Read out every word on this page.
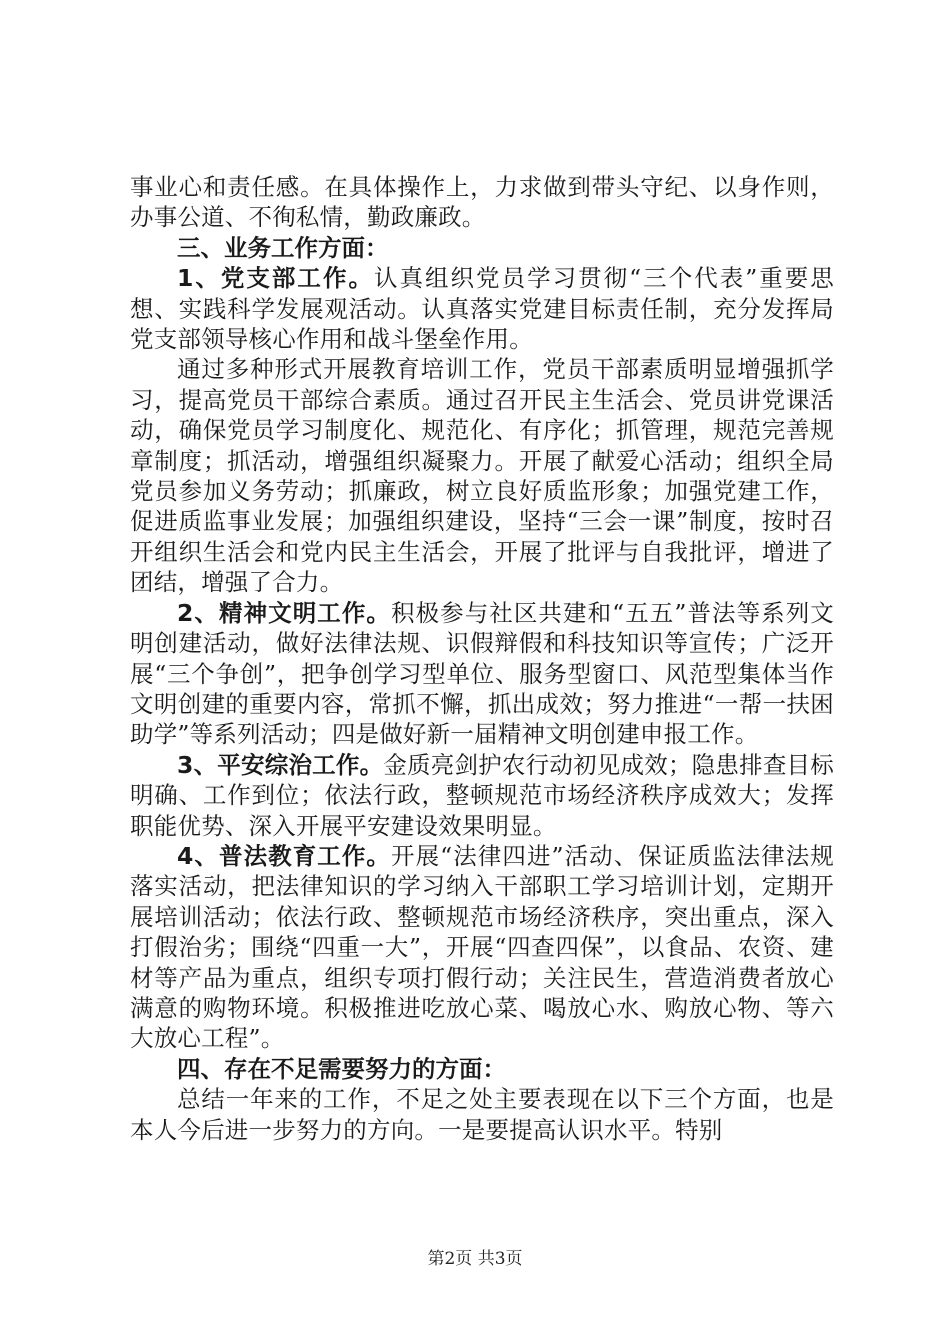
事业心和责任感。在具体操作上，力求做到带头守纪、以身作则，办事公道、不徇私情，勤政廉政。

三、业务工作方面：

1、党支部工作。认真组织党员学习贯彻“三个代表”重要思想、实践科学发展观活动。认真落实党建目标责任制，充分发挥局党支部领导核心作用和战斗堡垒作用。

通过多种形式开展教育培训工作，党员干部素质明显增强抓学习，提高党员干部综合素质。通过召开民主生活会、党员讲党课活动，确保党员学习制度化、规范化、有序化；抓管理，规范完善规章制度；抓活动，增强组织凝聚力。开展了献爱心活动；组织全局党员参加义务劳动；抓廉政，树立良好质监形象；加强党建工作，促进质监事业发展；加强组织建设，坚持“三会一课”制度，按时召开组织生活会和党内民主生活会，开展了批评与自我批评，增进了团结，增强了合力。

2、精神文明工作。积极参与社区共建和“五五”普法等系列文明创建活动，做好法律法规、识假辩假和科技知识等宣传；广泛开展“三个争创”，把争创学习型单位、服务型窗口、风范型集体当作文明创建的重要内容，常抓不懈，抓出成效；努力推进“一帮一扶困助学”等系列活动；四是做好新一届精神文明创建申报工作。

3、平安综治工作。金质亮剑护农行动初见成效；隐患排查目标明确、工作到位；依法行政，整顿规范市场经济秩序成效大；发挥职能优势、深入开展平安建设效果明显。

4、普法教育工作。开展“法律四进”活动、保证质监法律法规落实活动，把法律知识的学习纳入干部职工学习培训计划，定期开展培训活动；依法行政、整顿规范市场经济秩序，突出重点，深入打假治劣；围绕“四重一大”，开展“四查四保”，以食品、农资、建材等产品为重点，组织专项打假行动；关注民生，营造消费者放心满意的购物环境。积极推进吃放心菜、喝放心水、购放心物、等六大放心工程”。

四、存在不足需要努力的方面：

总结一年来的工作，不足之处主要表现在以下三个方面，也是本人今后进一步努力的方向。一是要提高认识水平。特别

第2页 共3页
